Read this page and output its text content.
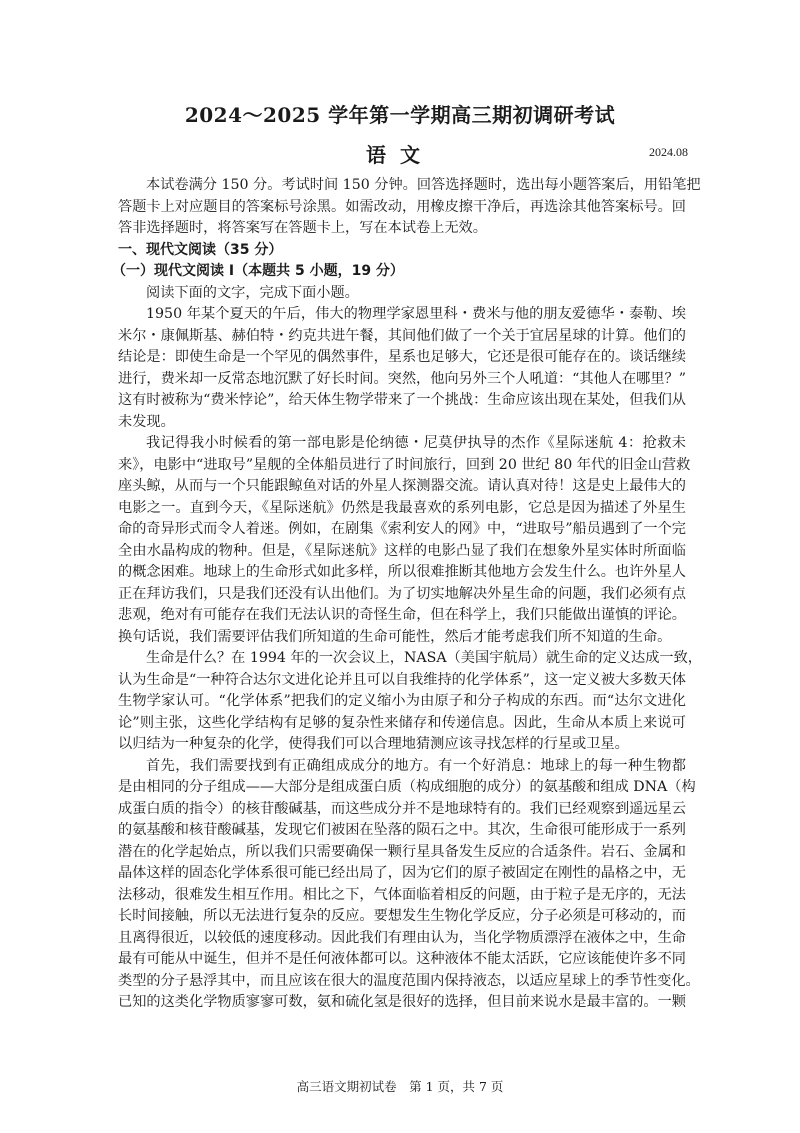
2024～2025 学年第一学期高三期初调研考试
语文	2024.08
本试卷满分 150 分。考试时间 150 分钟。回答选择题时，选出每小题答案后，用铅笔把
答题卡上对应题目的答案标号涂黑。如需改动，用橡皮擦干净后，再选涂其他答案标号。回
答非选择题时，将答案写在答题卡上，写在本试卷上无效。
一、现代文阅读（35 分）
（一）现代文阅读 I（本题共 5 小题，19 分）
阅读下面的文字，完成下面小题。
1950 年某个夏天的午后，伟大的物理学家恩里科・费米与他的朋友爱德华・泰勒、埃
米尔・康佩斯基、赫伯特・约克共进午餐，其间他们做了一个关于宜居星球的计算。他们的
结论是：即使生命是一个罕见的偶然事件，星系也足够大，它还是很可能存在的。谈话继续
进行，费米却一反常态地沉默了好长时间。突然，他向另外三个人吼道：“其他人在哪里？”
这有时被称为“费米悖论”，给天体生物学带来了一个挑战：生命应该出现在某处，但我们从
未发现。
我记得我小时候看的第一部电影是伦纳德・尼莫伊执导的杰作《星际迷航 4：抢救未
来》，电影中“进取号”星舰的全体船员进行了时间旅行，回到 20 世纪 80 年代的旧金山营救
座头鲸，从而与一个只能跟鲸鱼对话的外星人探测器交流。请认真对待！这是史上最伟大的
电影之一。直到今天，《星际迷航》仍然是我最喜欢的系列电影，它总是因为描述了外星生
命的奇异形式而令人着迷。例如，在剧集《索利安人的网》中，“进取号”船员遇到了一个完
全由水晶构成的物种。但是，《星际迷航》这样的电影凸显了我们在想象外星实体时所面临
的概念困难。地球上的生命形式如此多样，所以很难推断其他地方会发生什么。也许外星人
正在拜访我们，只是我们还没有认出他们。为了切实地解决外星生命的问题，我们必须有点
悲观，绝对有可能存在我们无法认识的奇怪生命，但在科学上，我们只能做出谨慎的评论。
换句话说，我们需要评估我们所知道的生命可能性，然后才能考虑我们所不知道的生命。
生命是什么？在 1994 年的一次会议上，NASA（美国宇航局）就生命的定义达成一致，
认为生命是“一种符合达尔文进化论并且可以自我维持的化学体系”，这一定义被大多数天体
生物学家认可。“化学体系”把我们的定义缩小为由原子和分子构成的东西。而“达尔文进化
论”则主张，这些化学结构有足够的复杂性来储存和传递信息。因此，生命从本质上来说可
以归结为一种复杂的化学，使得我们可以合理地猜测应该寻找怎样的行星或卫星。
首先，我们需要找到有正确组成成分的地方。有一个好消息：地球上的每一种生物都
是由相同的分子组成——大部分是组成蛋白质（构成细胞的成分）的氨基酸和组成 DNA（构
成蛋白质的指令）的核苷酸碱基，而这些成分并不是地球特有的。我们已经观察到遥远星云
的氨基酸和核苷酸碱基，发现它们被困在坠落的陨石之中。其次，生命很可能形成于一系列
潜在的化学起始点，所以我们只需要确保一颗行星具备发生反应的合适条件。岩石、金属和
晶体这样的固态化学体系很可能已经出局了，因为它们的原子被固定在刚性的晶格之中，无
法移动，很难发生相互作用。相比之下，气体面临着相反的问题，由于粒子是无序的，无法
长时间接触，所以无法进行复杂的反应。要想发生生物化学反应，分子必须是可移动的，而
且离得很近，以较低的速度移动。因此我们有理由认为，当化学物质漂浮在液体之中，生命
最有可能从中诞生，但并不是任何液体都可以。这种液体不能太活跃，它应该能使许多不同
类型的分子悬浮其中，而且应该在很大的温度范围内保持液态，以适应星球上的季节性变化。
已知的这类化学物质寥寥可数，氨和硫化氢是很好的选择，但目前来说水是最丰富的。一颗
高三语文期初试卷　第 1 页，共 7 页
